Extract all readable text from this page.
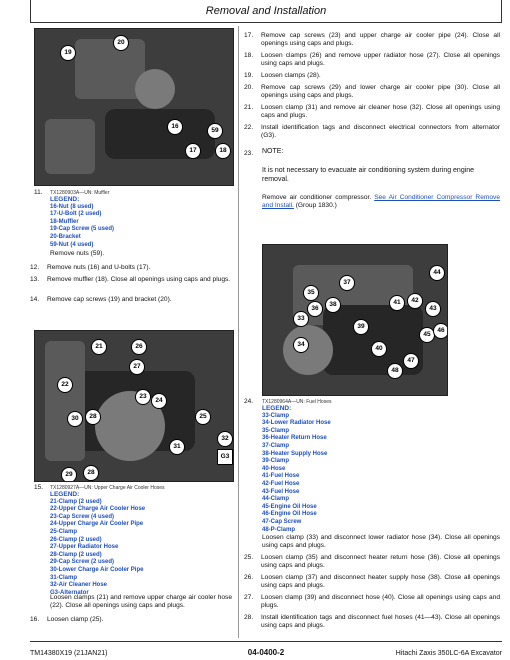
Removal and Installation
20
19
59
16
17	18
11. TX1280903A—UN: Muffler
LEGEND:
16-Nut (8 used)
17-U-Bolt (2 used)
18-Muffler
19-Cap Screw (5 used)
20-Bracket
59-Nut (4 used)
Remove nuts (59).
12. Remove nuts (16) and U-bolts (17).
13. Remove muffler (18). Close all openings using caps and plugs.
14. Remove cap screws (19) and bracket (20).
21	26
27
22
23
24
30	28	25
31
32
G3
29	28
15. TX1280927A—UN: Upper Charge Air Cooler Hoses
LEGEND:
21-Clamp (2 used)
22-Upper Charge Air Cooler Hose
23-Cap Screw (4 used)
24-Upper Charge Air Cooler Pipe
25-Clamp
26-Clamp (2 used)
27-Upper Radiator Hose
28-Clamp (2 used)
29-Cap Screw (2 used)
30-Lower Charge Air Cooler Pipe
31-Clamp
32-Air Cleaner Hose
G3-Alternator
Loosen clamps (21) and remove upper charge air cooler hose (22). Close all openings using caps and plugs.
16. Loosen clamp (25).
17. Remove cap screws (23) and upper charge air cooler pipe (24). Close all openings using caps and plugs.
18. Loosen clamps (26) and remove upper radiator hose (27). Close all openings using caps and plugs.
19. Loosen clamps (28).
20. Remove cap screws (29) and lower charge air cooler pipe (30). Close all openings using caps and plugs.
21. Loosen clamp (31) and remove air cleaner hose (32). Close all openings using caps and plugs.
22. Install identification tags and disconnect electrical connectors from alternator (G3).
23. NOTE:
It is not necessary to evacuate air conditioning system during engine removal.
Remove air conditioner compressor. See Air Conditioner Compressor Remove and Install. (Group 1830.)
44
37
35
41	42
43
36
38
33
39
40
45
46
34
47
48
24. TX1280964A—UN: Fuel Hoses
LEGEND:
33-Clamp
34-Lower Radiator Hose
35-Clamp
36-Heater Return Hose
37-Clamp
38-Heater Supply Hose
39-Clamp
40-Hose
41-Fuel Hose
42-Fuel Hose
43-Fuel Hose
44-Clamp
45-Engine Oil Hose
46-Engine Oil Hose
47-Cap Screw
48-P-Clamp
Loosen clamp (33) and disconnect lower radiator hose (34). Close all openings using caps and plugs.
25. Loosen clamp (35) and disconnect heater return hose (36). Close all openings using caps and plugs.
26. Loosen clamp (37) and disconnect heater supply hose (38). Close all openings using caps and plugs.
27. Loosen clamp (39) and disconnect hose (40). Close all openings using caps and plugs.
28. Install identification tags and disconnect fuel hoses (41—43). Close all openings using caps and plugs.
TM14380X19 (21JAN21)	04-0400-2	Hitachi Zaxis 350LC-6A Excavator
